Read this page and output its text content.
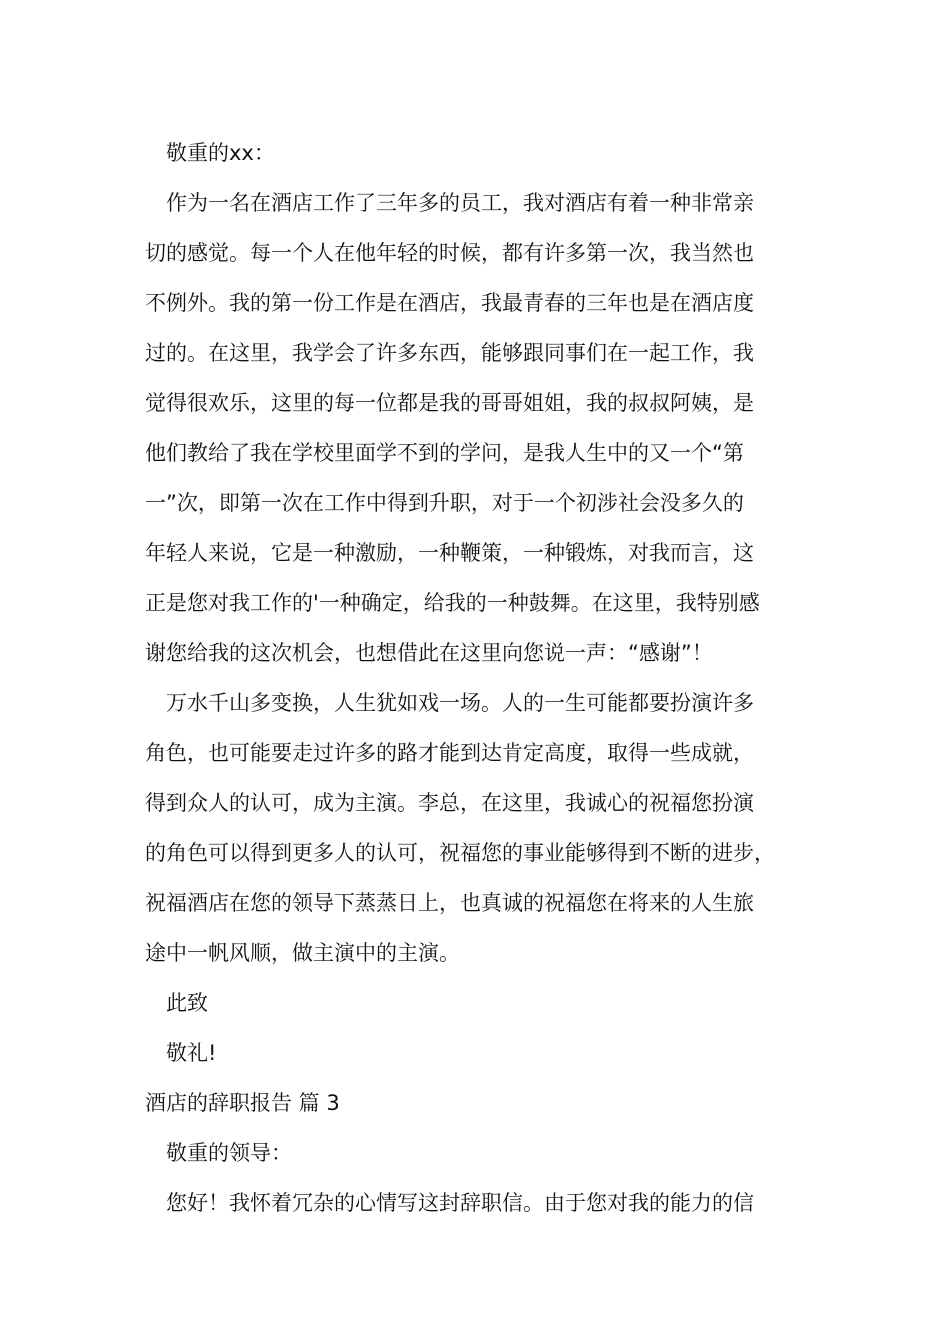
敬重的xx：
作为一名在酒店工作了三年多的员工，我对酒店有着一种非常亲
切的感觉。每一个人在他年轻的时候，都有许多第一次，我当然也
不例外。我的第一份工作是在酒店，我最青春的三年也是在酒店度
过的。在这里，我学会了许多东西，能够跟同事们在一起工作，我
觉得很欢乐，这里的每一位都是我的哥哥姐姐，我的叔叔阿姨，是
他们教给了我在学校里面学不到的学问，是我人生中的又一个“第
一”次，即第一次在工作中得到升职，对于一个初涉社会没多久的
年轻人来说，它是一种激励，一种鞭策，一种锻炼，对我而言，这
正是您对我工作的'一种确定，给我的一种鼓舞。在这里，我特别感
谢您给我的这次机会，也想借此在这里向您说一声：“感谢”！
万水千山多变换，人生犹如戏一场。人的一生可能都要扮演许多
角色，也可能要走过许多的路才能到达肯定高度，取得一些成就，
得到众人的认可，成为主演。李总，在这里，我诚心的祝福您扮演
的角色可以得到更多人的认可，祝福您的事业能够得到不断的进步，
祝福酒店在您的领导下蒸蒸日上，也真诚的祝福您在将来的人生旅
途中一帆风顺，做主演中的主演。
此致
敬礼!
酒店的辞职报告 篇 3
敬重的领导：
您好！我怀着冗杂的心情写这封辞职信。由于您对我的能力的信
